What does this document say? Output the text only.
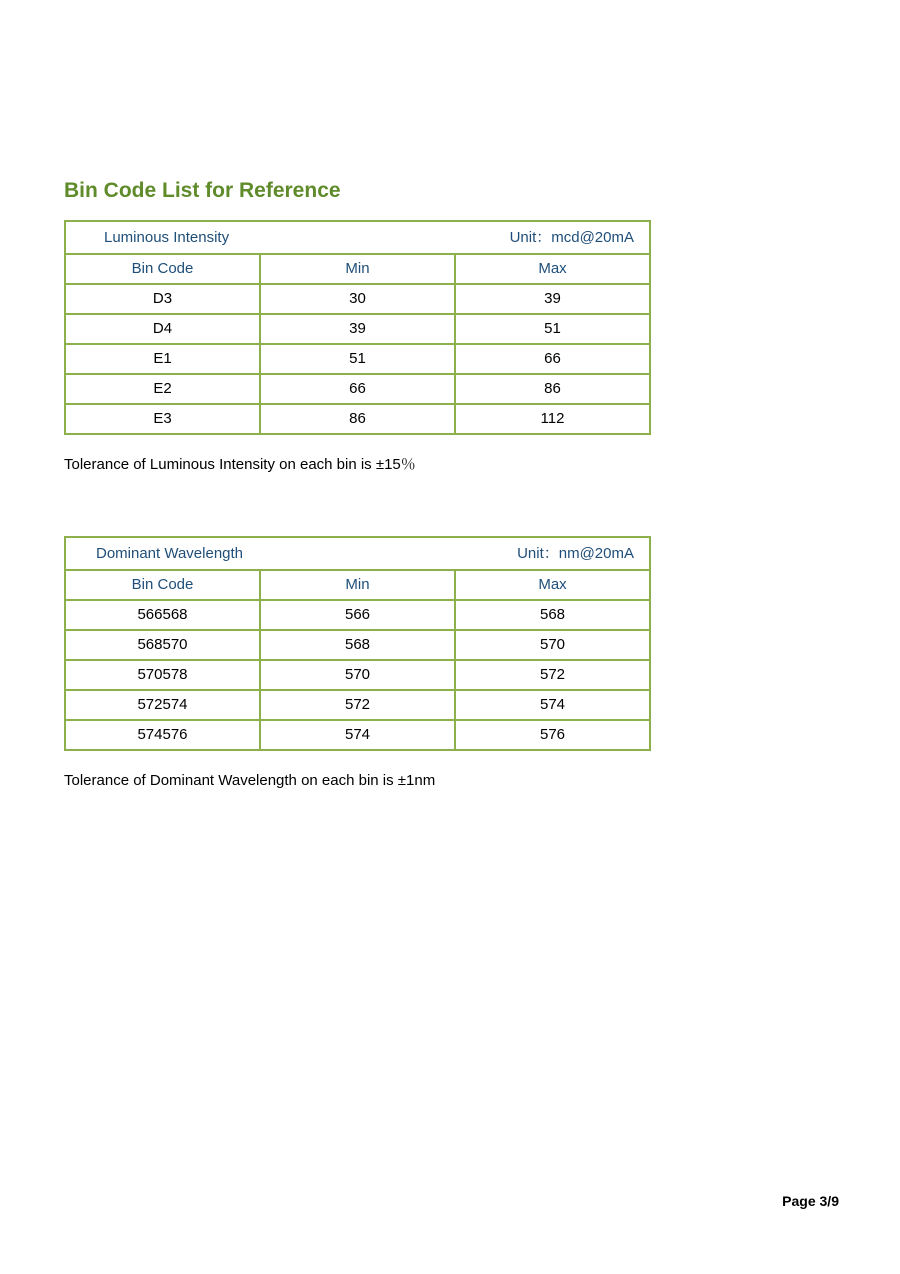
Bin Code List for Reference
Luminous Intensity Unit：mcd@20mA		

Bin Code	Min	Max
D3	30	39
D4	39	51
E1	51	66
E2	66	86
E3	86	112

Tolerance of Luminous Intensity on each bin is ±15％

Dominant Wavelength Unit：nm@20mA		

Bin Code	Min	Max
566568	566	568
568570	568	570
570578	570	572
572574	572	574
574576	574	576

Tolerance of Dominant Wavelength on each bin is ±1nm

Page 3/9
